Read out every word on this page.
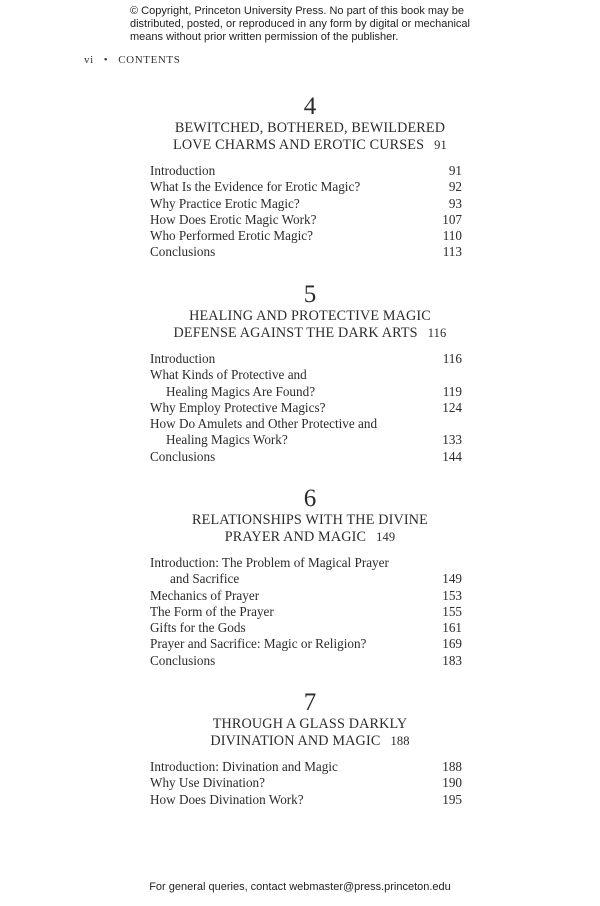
© Copyright, Princeton University Press. No part of this book may be
distributed, posted, or reproduced in any form by digital or mechanical
means without prior written permission of the publisher.
vi • CONTENTS
4
BEWITCHED, BOTHERED, BEWILDERED
LOVE CHARMS AND EROTIC CURSES 91
Introduction	91
What Is the Evidence for Erotic Magic?	92
Why Practice Erotic Magic?	93
How Does Erotic Magic Work?	107
Who Performed Erotic Magic?	110
Conclusions	113
5
HEALING AND PROTECTIVE MAGIC
DEFENSE AGAINST THE DARK ARTS 116
Introduction	116
What Kinds of Protective and
Healing Magics Are Found?	119
Why Employ Protective Magics?	124
How Do Amulets and Other Protective and
Healing Magics Work?	133
Conclusions	144
6
RELATIONSHIPS WITH THE DIVINE
PRAYER AND MAGIC 149
Introduction: The Problem of Magical Prayer
and Sacrifice	149
Mechanics of Prayer	153
The Form of the Prayer	155
Gifts for the Gods	161
Prayer and Sacrifice: Magic or Religion?	169
Conclusions	183
7
THROUGH A GLASS DARKLY
DIVINATION AND MAGIC 188
Introduction: Divination and Magic	188
Why Use Divination?	190
How Does Divination Work?	195
For general queries, contact webmaster@press.princeton.edu
